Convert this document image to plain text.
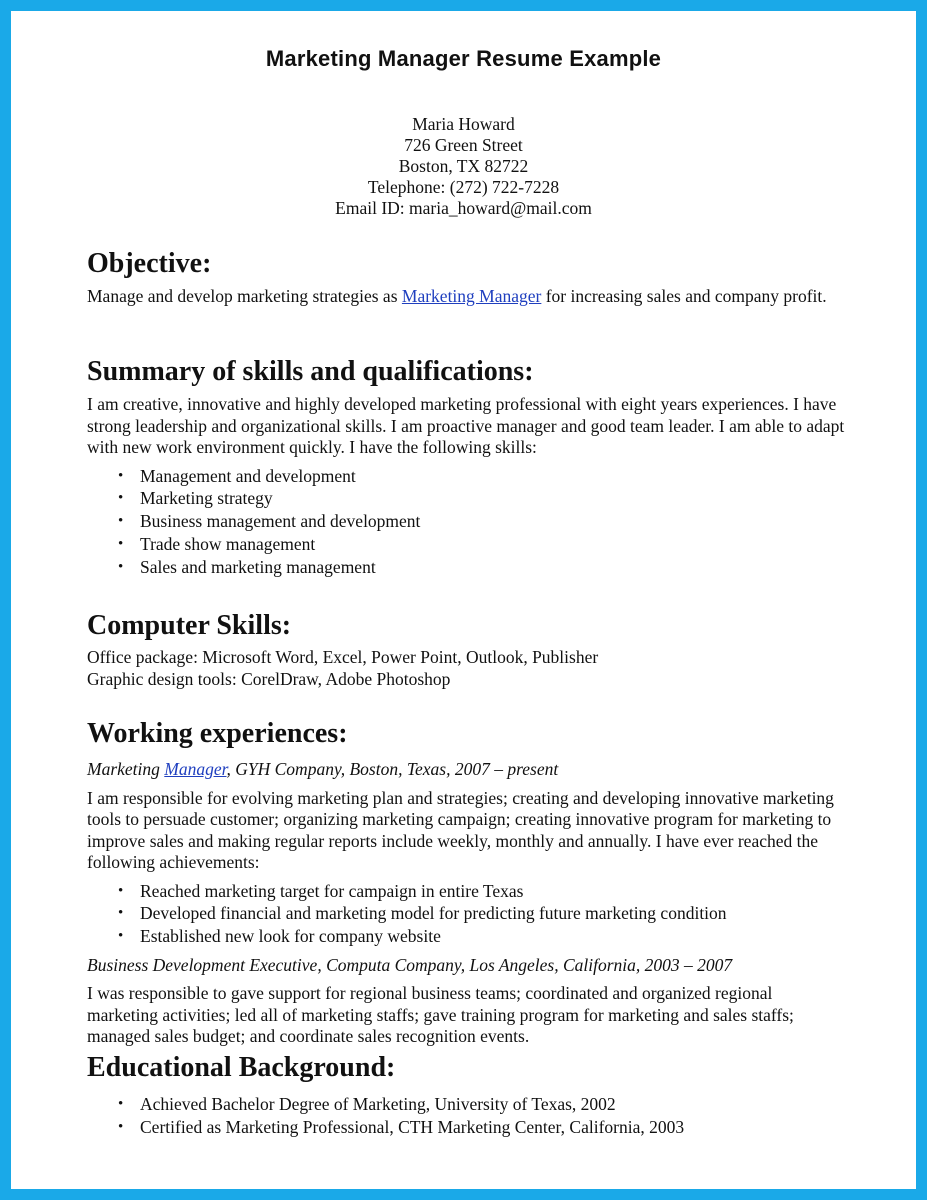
Marketing Manager Resume Example
Maria Howard
726 Green Street
Boston, TX 82722
Telephone: (272) 722-7228
Email ID: maria_howard@mail.com
Objective:

Manage and develop marketing strategies as Marketing Manager for increasing sales and company profit.

Summary of skills and qualifications:

I am creative, innovative and highly developed marketing professional with eight years experiences. I have strong leadership and organizational skills. I am proactive manager and good team leader. I am able to adapt with new work environment quickly. I have the following skills:

• Management and development
• Marketing strategy
• Business management and development
• Trade show management
• Sales and marketing management
Computer Skills:

Office package: Microsoft Word, Excel, Power Point, Outlook, Publisher

Graphic design tools: CorelDraw, Adobe Photoshop

Working experiences:

Marketing Manager, GYH Company, Boston, Texas, 2007 – present

I am responsible for evolving marketing plan and strategies; creating and developing innovative marketing tools to persuade customer; organizing marketing campaign; creating innovative program for marketing to improve sales and making regular reports include weekly, monthly and annually. I have ever reached the following achievements:

• Reached marketing target for campaign in entire Texas
• Developed financial and marketing model for predicting future marketing condition
• Established new look for company website

Business Development Executive, Computa Company, Los Angeles, California, 2003 – 2007

I was responsible to gave support for regional business teams; coordinated and organized regional marketing activities; led all of marketing staffs; gave training program for marketing and sales staffs; managed sales budget; and coordinate sales recognition events.

Educational Background:
• Achieved Bachelor Degree of Marketing, University of Texas, 2002
• Certified as Marketing Professional, CTH Marketing Center, California, 2003
